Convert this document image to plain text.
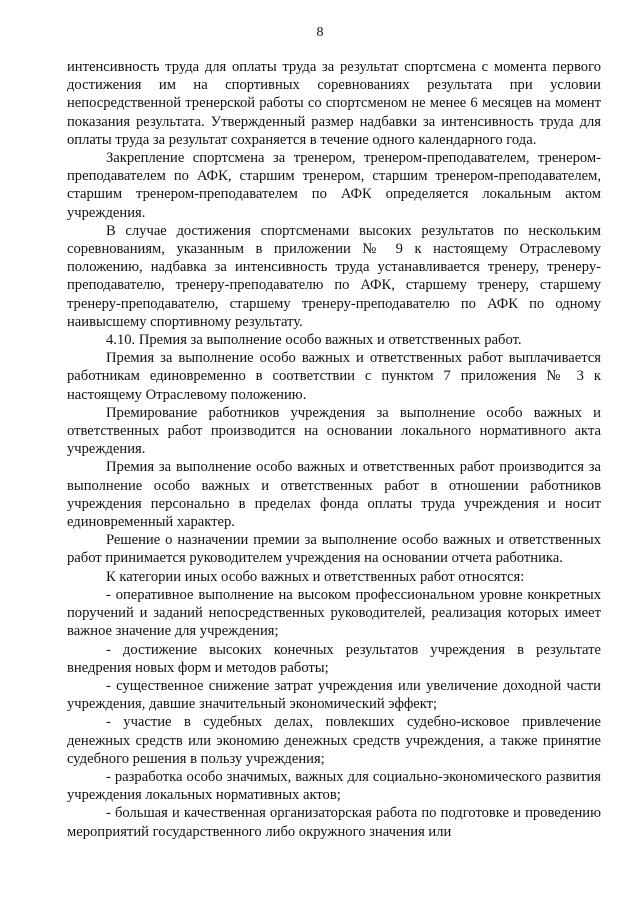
8

интенсивность труда для оплаты труда за результат спортсмена с момента первого достижения им на спортивных соревнованиях результата при условии непосредственной тренерской работы со спортсменом не менее 6 месяцев на момент показания результата. Утвержденный размер надбавки за интенсивность труда для оплаты труда за результат сохраняется в течение одного календарного года.

Закрепление спортсмена за тренером, тренером-преподавателем, тренером-преподавателем по АФК, старшим тренером, старшим тренером-преподавателем, старшим тренером-преподавателем по АФК определяется локальным актом учреждения.

В случае достижения спортсменами высоких результатов по нескольким соревнованиям, указанным в приложении № 9 к настоящему Отраслевому положению, надбавка за интенсивность труда устанавливается тренеру, тренеру-преподавателю, тренеру-преподавателю по АФК, старшему тренеру, старшему тренеру-преподавателю, старшему тренеру-преподавателю по АФК по одному наивысшему спортивному результату.

4.10. Премия за выполнение особо важных и ответственных работ.

Премия за выполнение особо важных и ответственных работ выплачивается работникам единовременно в соответствии с пунктом 7 приложения № 3 к настоящему Отраслевому положению.

Премирование работников учреждения за выполнение особо важных и ответственных работ производится на основании локального нормативного акта учреждения.

Премия за выполнение особо важных и ответственных работ производится за выполнение особо важных и ответственных работ в отношении работников учреждения персонально в пределах фонда оплаты труда учреждения и носит единовременный характер.

Решение о назначении премии за выполнение особо важных и ответственных работ принимается руководителем учреждения на основании отчета работника.

К категории иных особо важных и ответственных работ относятся:

- оперативное выполнение на высоком профессиональном уровне конкретных поручений и заданий непосредственных руководителей, реализация которых имеет важное значение для учреждения;

- достижение высоких конечных результатов учреждения в результате внедрения новых форм и методов работы;

- существенное снижение затрат учреждения или увеличение доходной части учреждения, давшие значительный экономический эффект;

- участие в судебных делах, повлекших судебно-исковое привлечение денежных средств или экономию денежных средств учреждения, а также принятие судебного решения в пользу учреждения;

- разработка особо значимых, важных для социально-экономического развития учреждения локальных нормативных актов;

- большая и качественная организаторская работа по подготовке и проведению мероприятий государственного либо окружного значения или
